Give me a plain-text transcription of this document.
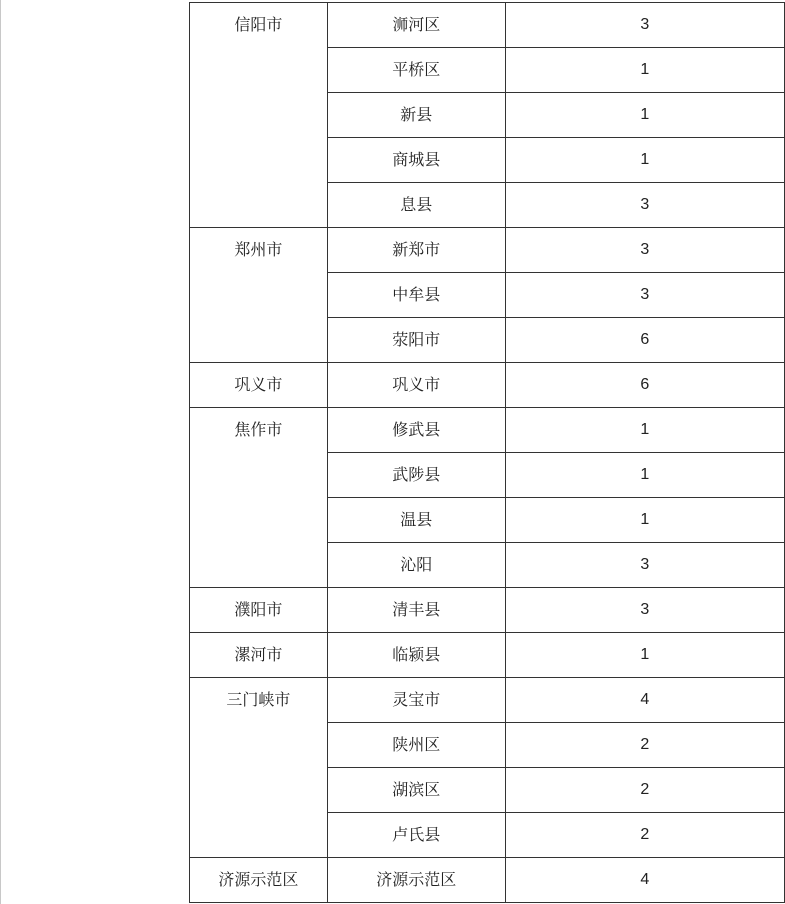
信阳市	浉河区	3
	平桥区	1
	新县	1
	商城县	1
	息县	3
郑州市	新郑市	3
	中牟县	3
	荥阳市	6
巩义市	巩义市	6
焦作市	修武县	1
	武陟县	1
	温县	1
	沁阳	3
濮阳市	清丰县	3
漯河市	临颍县	1
三门峡市	灵宝市	4
	陕州区	2
	湖滨区	2
	卢氏县	2
济源示范区	济源示范区	4
